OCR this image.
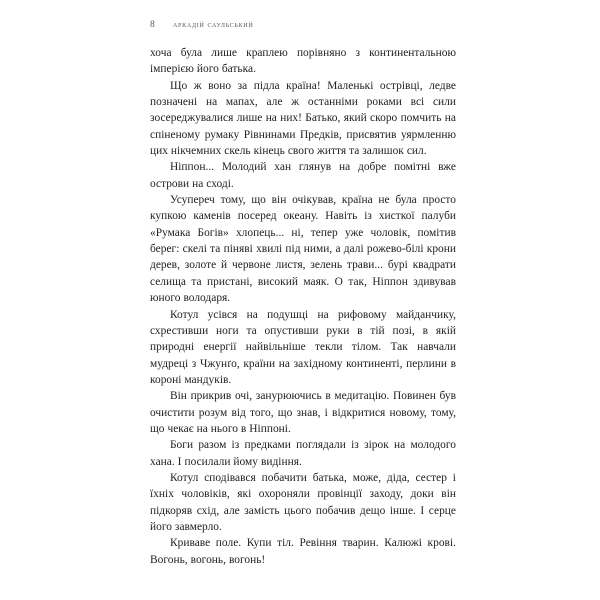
8 аркадій саульський

хоча була лише краплею порівняно з континентальною імперією його батька.

Що ж воно за підла країна! Маленькі острівці, ледве позначені на мапах, але ж останніми роками всі сили зосереджувалися лише на них! Батько, який скоро помчить на спіненому румаку Рівнинами Предків, присвятив уярмленню цих нікчемних скель кінець свого життя та залишок сил.

Ніппон... Молодий хан глянув на добре помітні вже острови на сході.

Усупереч тому, що він очікував, країна не була просто купкою каменів посеред океану. Навіть із хисткої палуби «Румака Богів» хлопець... ні, тепер уже чоловік, помітив берег: скелі та піняві хвилі під ними, а далі рожево-білі крони дерев, золоте й червоне листя, зелень трави... бурі квадрати селища та пристані, високий маяк. О так, Ніппон здивував юного володаря.

Котул усівся на подушці на рифовому майданчику, схрестивши ноги та опустивши руки в тій позі, в якій природні енергії найвільніше текли тілом. Так навчали мудреці з Чжунґо, країни на західному континенті, перлини в короні мандуків.

Він прикрив очі, занурюючись в медитацію. Повинен був очистити розум від того, що знав, і відкритися новому, тому, що чекає на нього в Ніппоні.

Боги разом із предками поглядали із зірок на молодого хана. І посилали йому видіння.

Котул сподівався побачити батька, може, діда, сестер і їхніх чоловіків, які охороняли провінції заходу, доки він підкоряв схід, але замість цього побачив дещо інше. І серце його завмерло.

Криваве поле. Купи тіл. Ревіння тварин. Калюжі крові. Вогонь, вогонь, вогонь!
